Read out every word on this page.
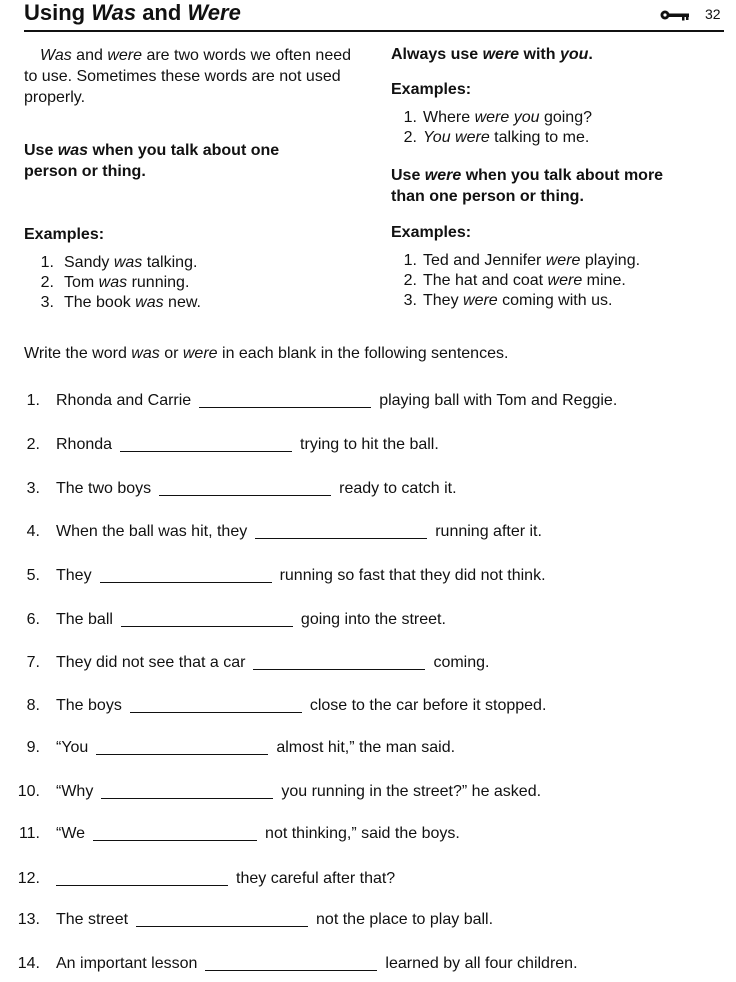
Using Was and Were	32
Was and were are two words we often need to use. Sometimes these words are not used properly.
Use was when you talk about one person or thing.
Examples:
1. Sandy was talking.
2. Tom was running.
3. The book was new.
Always use were with you.
Examples:
1. Where were you going?
2. You were talking to me.
Use were when you talk about more than one person or thing.
Examples:
1. Ted and Jennifer were playing.
2. The hat and coat were mine.
3. They were coming with us.
Write the word was or were in each blank in the following sentences.
1. Rhonda and Carrie	playing ball with Tom and Reggie.
2. Rhonda	trying to hit the ball.
3. The two boys	ready to catch it.
4. When the ball was hit, they	running after it.
5. They	running so fast that they did not think.
6. The ball	going into the street.
7. They did not see that a car	coming.
8. The boys	close to the car before it stopped.
9. “You	almost hit,” the man said.
10. “Why	you running in the street?” he asked.
11. “We	not thinking,” said the boys.
12.	they careful after that?
13. The street	not the place to play ball.
14. An important lesson	learned by all four children.
